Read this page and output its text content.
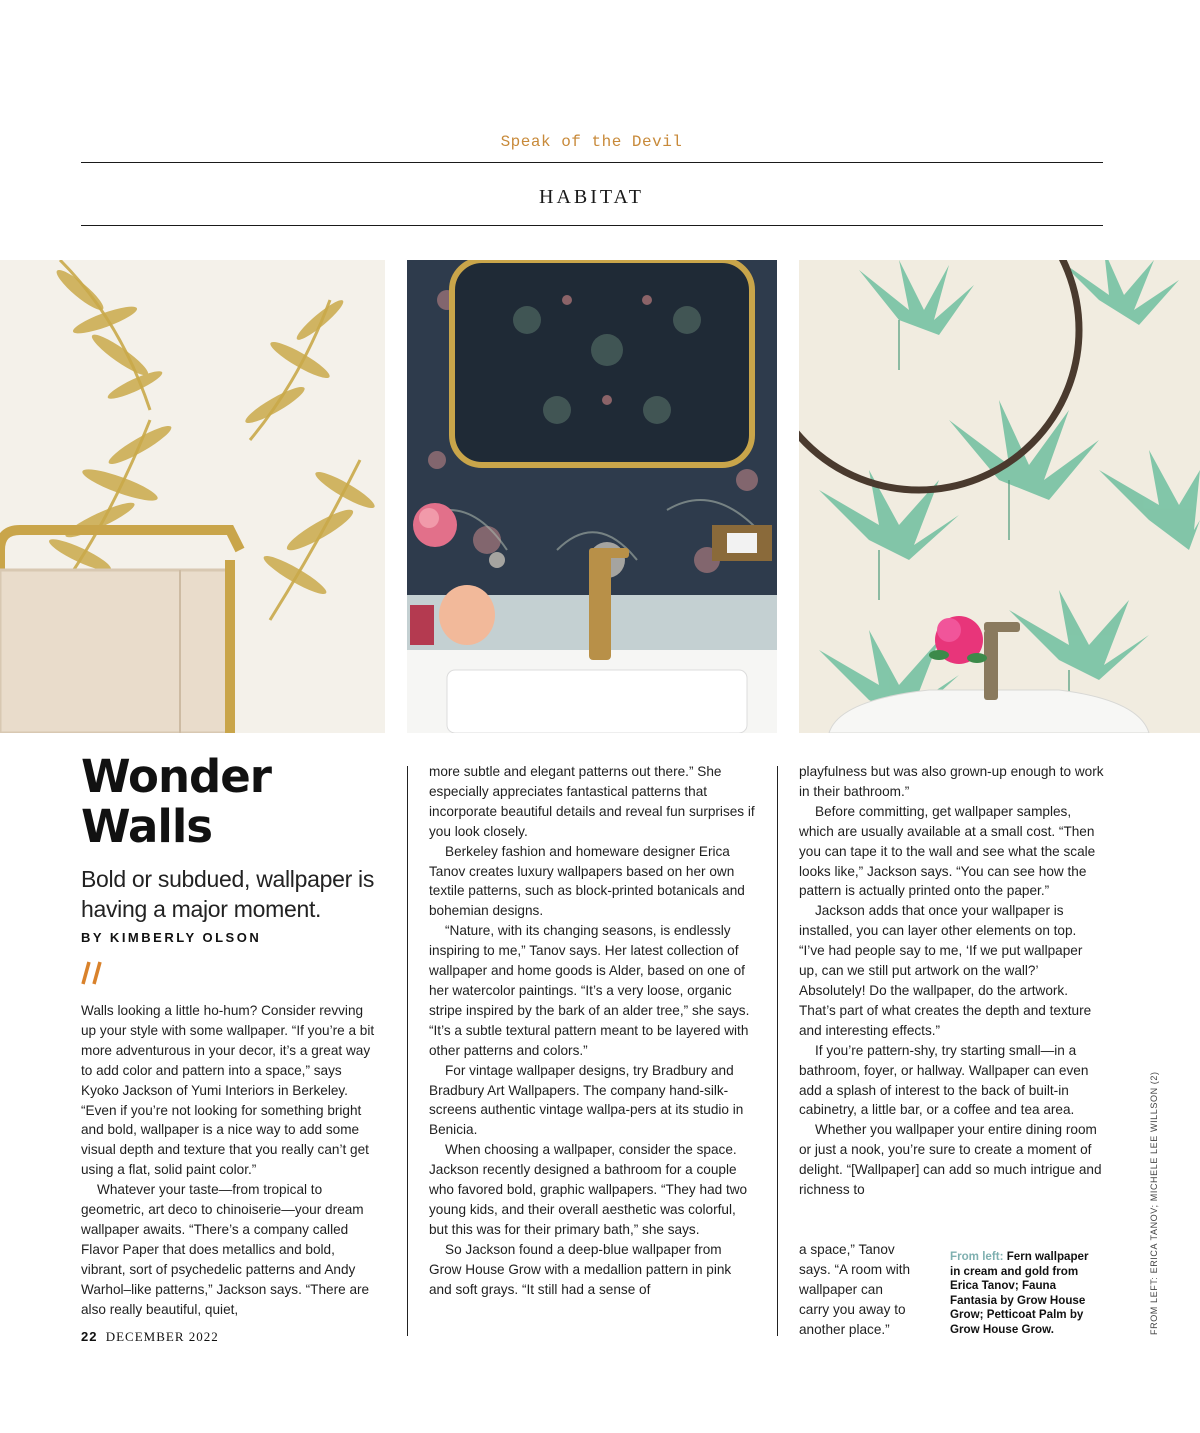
Speak of the Devil
HABITAT
Wonder
Walls
Bold or subdued, wallpaper is having a major moment.
BY KIMBERLY OLSON

Walls looking a little ho-hum? Consider revving up your style with some wallpaper. “If you’re a bit more adventurous in your decor, it’s a great way to add color and pattern into a space,” says Kyoko Jackson of Yumi Interiors in Berkeley. “Even if you’re not looking for something bright and bold, wallpaper is a nice way to add some visual depth and texture that you really can’t get using a flat, solid paint color.”

Whatever your taste—from tropical to geometric, art deco to chinoiserie—your dream wallpaper awaits. “There’s a company called Flavor Paper that does metallics and bold, vibrant, sort of psychedelic patterns and Andy Warhol–like patterns,” Jackson says. “There are also really beautiful, quiet,

more subtle and elegant patterns out there.” She especially appreciates fantastical patterns that incorporate beautiful details and reveal fun surprises if you look closely.

Berkeley fashion and homeware designer Erica Tanov creates luxury wallpapers based on her own textile patterns, such as block-printed botanicals and bohemian designs.

“Nature, with its changing seasons, is endlessly inspiring to me,” Tanov says. Her latest collection of wallpaper and home goods is Alder, based on one of her watercolor paintings. “It’s a very loose, organic stripe inspired by the bark of an alder tree,” she says. “It’s a subtle textural pattern meant to be layered with other patterns and colors.”

For vintage wallpaper designs, try Bradbury and Bradbury Art Wallpapers. The company hand-silk-screens authentic vintage wallpa-pers at its studio in Benicia.

When choosing a wallpaper, consider the space. Jackson recently designed a bathroom for a couple who favored bold, graphic wallpapers. “They had two young kids, and their overall aesthetic was colorful, but this was for their primary bath,” she says.

So Jackson found a deep-blue wallpaper from Grow House Grow with a medallion pattern in pink and soft grays. “It still had a sense of

playfulness but was also grown-up enough to work in their bathroom.”

Before committing, get wallpaper samples, which are usually available at a small cost. “Then you can tape it to the wall and see what the scale looks like,” Jackson says. “You can see how the pattern is actually printed onto the paper.”

Jackson adds that once your wallpaper is installed, you can layer other elements on top. “I’ve had people say to me, ‘If we put wallpaper up, can we still put artwork on the wall?’ Absolutely! Do the wallpaper, do the artwork. That’s part of what creates the depth and texture and interesting effects.”

If you’re pattern-shy, try starting small—in a bathroom, foyer, or hallway. Wallpaper can even add a splash of interest to the back of built-in cabinetry, a little bar, or a coffee and tea area.

Whether you wallpaper your entire dining room or just a nook, you’re sure to create a moment of delight. “[Wallpaper] can add so much intrigue and richness to

a space,” Tanov
says. “A room with
wallpaper can
carry you away to
another place.”
From left: Fern wallpaper in cream and gold from Erica Tanov; Fauna Fantasia by Grow House Grow; Petticoat Palm by Grow House Grow.	FROM LEFT: ERICA TANOV; MICHELE LEE WILLSON (2)
22 DECEMBER 2022
